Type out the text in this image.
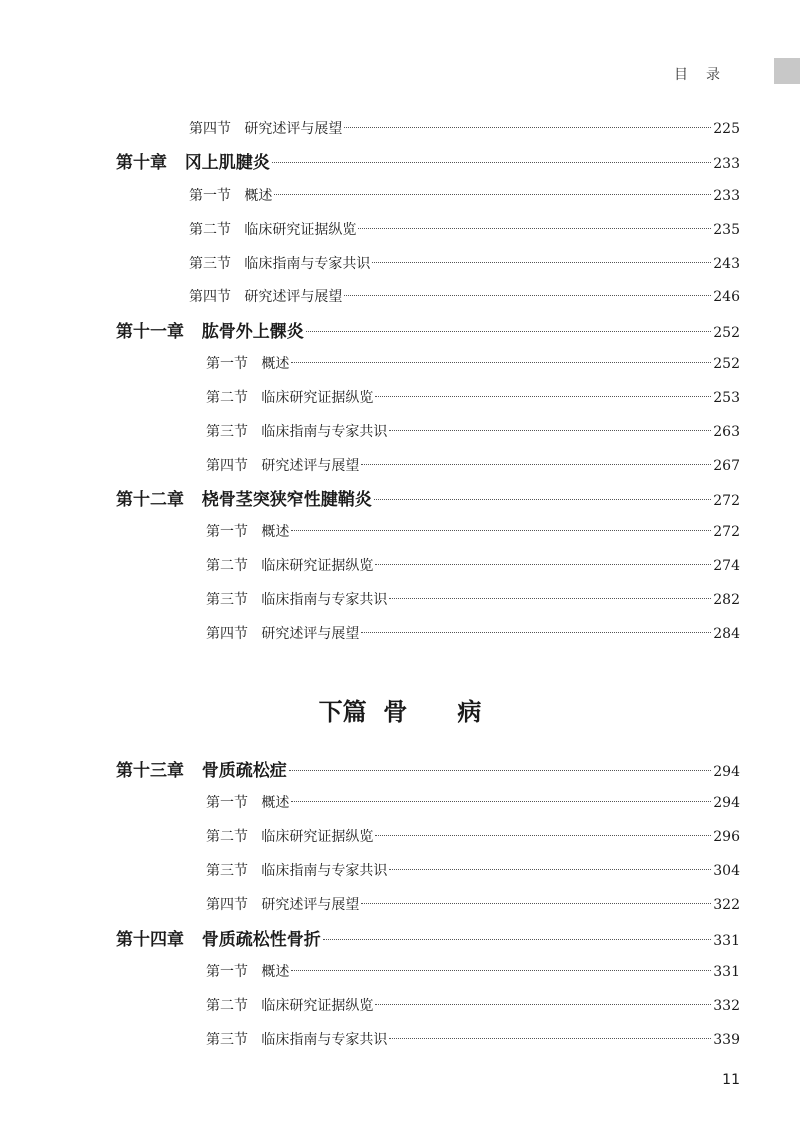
目录
第四节   研究述评与展望	225
第十章   冈上肌腱炎	233
第一节   概述	233
第二节   临床研究证据纵览	235
第三节   临床指南与专家共识	243
第四节   研究述评与展望	246
第十一章   肱骨外上髁炎	252
第一节   概述	252
第二节   临床研究证据纵览	253
第三节   临床指南与专家共识	263
第四节   研究述评与展望	267
第十二章   桡骨茎突狭窄性腱鞘炎	272
第一节   概述	272
第二节   临床研究证据纵览	274
第三节   临床指南与专家共识	282
第四节   研究述评与展望	284
第十三章   骨质疏松症	294
第一节   概述	294
第二节   临床研究证据纵览	296
第三节   临床指南与专家共识	304
第四节   研究述评与展望	322
第十四章   骨质疏松性骨折	331
第一节   概述	331
第二节   临床研究证据纵览	332
第三节   临床指南与专家共识	339
下篇  骨      病
11
